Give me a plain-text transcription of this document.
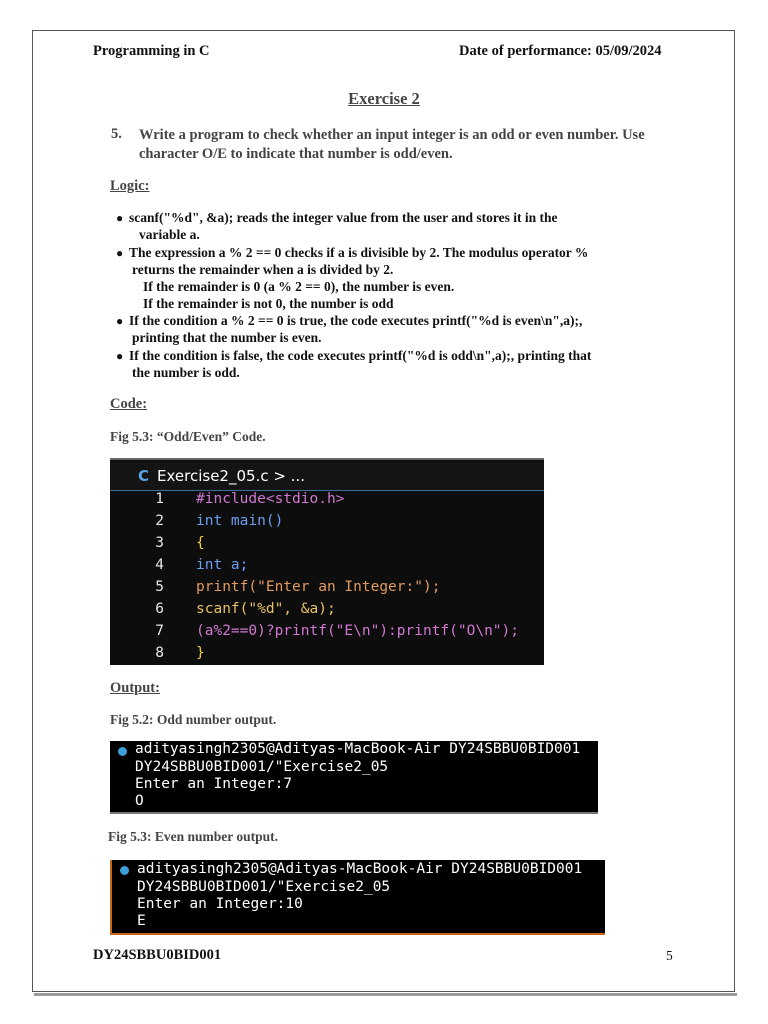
Programming in C	Date of performance: 05/09/2024
Exercise 2
5. Write a program to check whether an input integer is an odd or even number. Use character O/E to indicate that number is odd/even.
Logic:
● scanf("%d", &a); reads the integer value from the user and stores it in the
variable a.
● The expression a % 2 == 0 checks if a is divisible by 2. The modulus operator %
returns the remainder when a is divided by 2.
If the remainder is 0 (a % 2 == 0), the number is even.
If the remainder is not 0, the number is odd
● If the condition a % 2 == 0 is true, the code executes printf("%d is even\n",a);,
printing that the number is even.
● If the condition is false, the code executes printf("%d is odd\n",a);, printing that
the number is odd.
Code:
Fig 5.3: “Odd/Even” Code.
C Exercise2_05.c > ...
1 #include<stdio.h>
2 int main()
3 {
4 int a;
5 printf("Enter an Integer:");
6 scanf("%d", &a);
7 (a%2==0)?printf("E\n"):printf("O\n");
8 }
Output:
Fig 5.2: Odd number output.
adityasingh2305@Adityas-MacBook-Air DY24SBBU0BID001
DY24SBBU0BID001/"Exercise2_05
Enter an Integer:7
O
Fig 5.3: Even number output.
adityasingh2305@Adityas-MacBook-Air DY24SBBU0BID001
DY24SBBU0BID001/"Exercise2_05
Enter an Integer:10
E
DY24SBBU0BID001	5
